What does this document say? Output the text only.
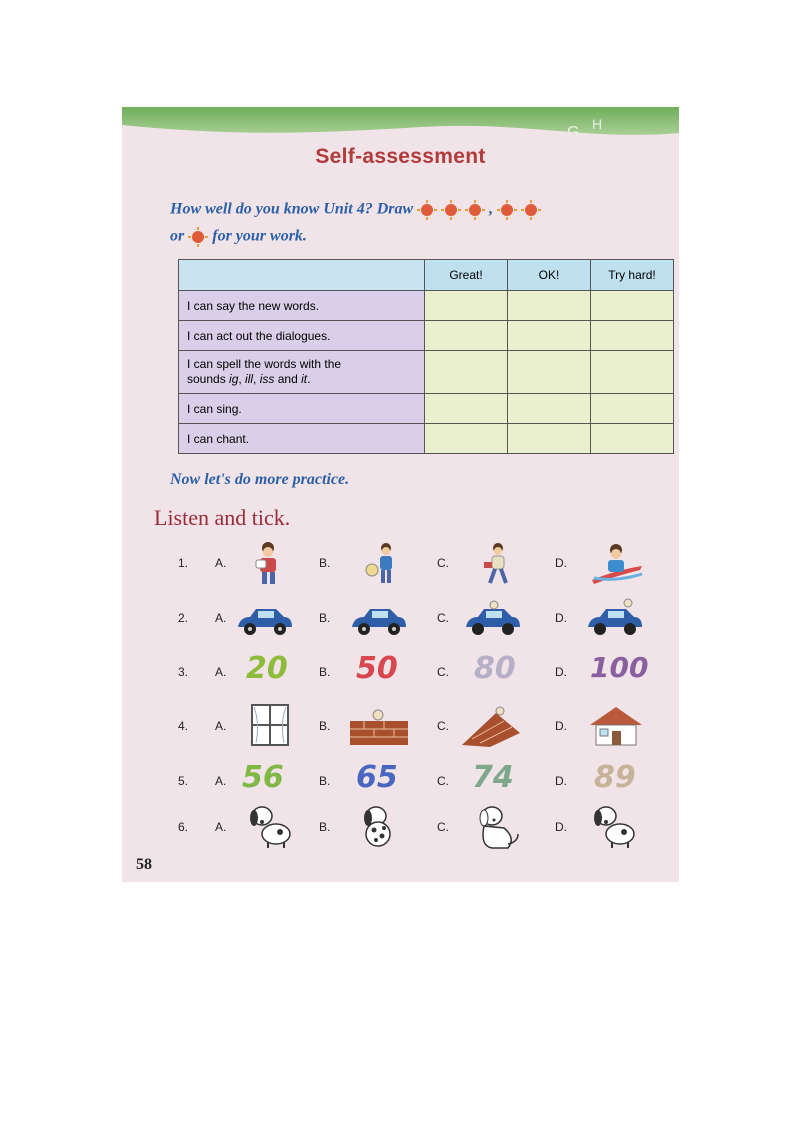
G H
Self-assessment
How well do you know Unit 4? Draw	,
or for your work.
	Great!	OK!	Try hard!
I can say the new words.			
I can act out the dialogues.			
I can spell the words with the
sounds ig, ill, iss and it.			
I can sing.			
I can chant.			
Now let's do more practice.
Listen and tick.
1. A.	B.	C.	D.
2. A.	B.	C.	D.
3. A. 20	B. 50	C. 80	D. 100
4. A.	B.	C.	D.
5. A. 56	B. 65	C. 74	D. 89
6. A.	B.	C.	D.
58
